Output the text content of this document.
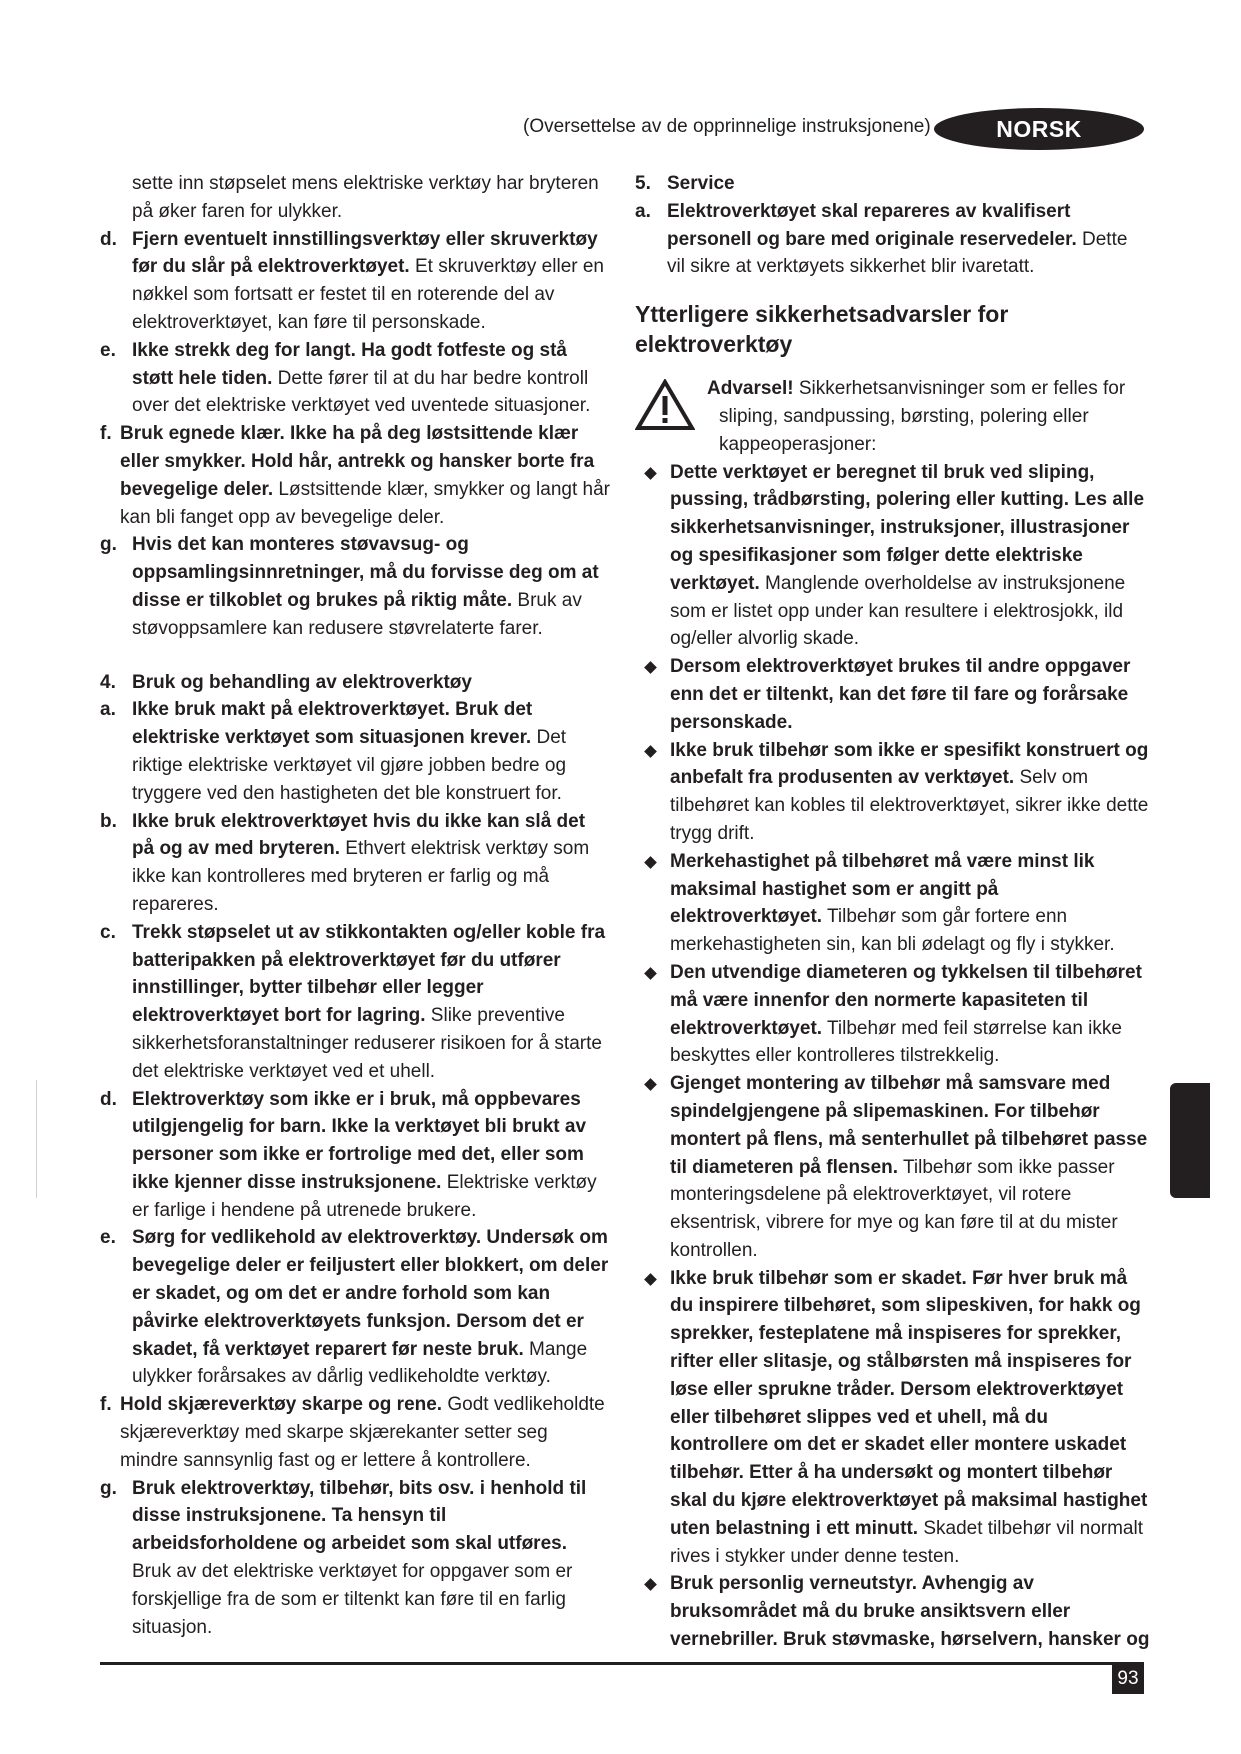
(Oversettelse av de opprinnelige instruksjonene)	NORSK
sette inn støpselet mens elektriske verktøy har bryteren på øker faren for ulykker.
d. Fjern eventuelt innstillingsverktøy eller skruverktøy før du slår på elektroverktøyet. Et skruverktøy eller en nøkkel som fortsatt er festet til en roterende del av elektroverktøyet, kan føre til personskade.
e. Ikke strekk deg for langt. Ha godt fotfeste og stå støtt hele tiden. Dette fører til at du har bedre kontroll over det elektriske verktøyet ved uventede situasjoner.
f. Bruk egnede klær. Ikke ha på deg løstsittende klær eller smykker. Hold hår, antrekk og hansker borte fra bevegelige deler. Løstsittende klær, smykker og langt hår kan bli fanget opp av bevegelige deler.
g. Hvis det kan monteres støvavsug- og oppsamlingsinnretninger, må du forvisse deg om at disse er tilkoblet og brukes på riktig måte. Bruk av støvoppsamlere kan redusere støvrelaterte farer.
4. Bruk og behandling av elektroverktøy
a. Ikke bruk makt på elektroverktøyet. Bruk det elektriske verktøyet som situasjonen krever. Det riktige elektriske verktøyet vil gjøre jobben bedre og tryggere ved den hastigheten det ble konstruert for.
b. Ikke bruk elektroverktøyet hvis du ikke kan slå det på og av med bryteren. Ethvert elektrisk verktøy som ikke kan kontrolleres med bryteren er farlig og må repareres.
c. Trekk støpselet ut av stikkontakten og/eller koble fra batteripakken på elektroverktøyet før du utfører innstillinger, bytter tilbehør eller legger elektroverktøyet bort for lagring. Slike preventive sikkerhetsforanstaltninger reduserer risikoen for å starte det elektriske verktøyet ved et uhell.
d. Elektroverktøy som ikke er i bruk, må oppbevares utilgjengelig for barn. Ikke la verktøyet bli brukt av personer som ikke er fortrolige med det, eller som ikke kjenner disse instruksjonene. Elektriske verktøy er farlige i hendene på utrenede brukere.
e. Sørg for vedlikehold av elektroverktøy. Undersøk om bevegelige deler er feiljustert eller blokkert, om deler er skadet, og om det er andre forhold som kan påvirke elektroverktøyets funksjon. Dersom det er skadet, få verktøyet reparert før neste bruk. Mange ulykker forårsakes av dårlig vedlikeholdte verktøy.
f. Hold skjæreverktøy skarpe og rene. Godt vedlikeholdte skjæreverktøy med skarpe skjærekanter setter seg mindre sannsynlig fast og er lettere å kontrollere.
g. Bruk elektroverktøy, tilbehør, bits osv. i henhold til disse instruksjonene. Ta hensyn til arbeidsforholdene og arbeidet som skal utføres. Bruk av det elektriske verktøyet for oppgaver som er forskjellige fra de som er tiltenkt kan føre til en farlig situasjon.
5. Service
a. Elektroverktøyet skal repareres av kvalifisert personell og bare med originale reservedeler. Dette vil sikre at verktøyets sikkerhet blir ivaretatt.
Ytterligere sikkerhetsadvarsler for elektroverktøy
Advarsel! Sikkerhetsanvisninger som er felles for
sliping, sandpussing, børsting, polering eller kappeoperasjoner:
Dette verktøyet er beregnet til bruk ved sliping, pussing, trådbørsting, polering eller kutting. Les alle sikkerhetsanvisninger, instruksjoner, illustrasjoner og spesifikasjoner som følger dette elektriske verktøyet. Manglende overholdelse av instruksjonene som er listet opp under kan resultere i elektrosjokk, ild og/eller alvorlig skade.
Dersom elektroverktøyet brukes til andre oppgaver enn det er tiltenkt, kan det føre til fare og forårsake personskade.
Ikke bruk tilbehør som ikke er spesifikt konstruert og anbefalt fra produsenten av verktøyet. Selv om tilbehøret kan kobles til elektroverktøyet, sikrer ikke dette trygg drift.
Merkehastighet på tilbehøret må være minst lik maksimal hastighet som er angitt på elektroverktøyet. Tilbehør som går fortere enn merkehastigheten sin, kan bli ødelagt og fly i stykker.
Den utvendige diameteren og tykkelsen til tilbehøret må være innenfor den normerte kapasiteten til elektroverktøyet. Tilbehør med feil størrelse kan ikke beskyttes eller kontrolleres tilstrekkelig.
Gjenget montering av tilbehør må samsvare med spindelgjengene på slipemaskinen. For tilbehør montert på flens, må senterhullet på tilbehøret passe til diameteren på flensen. Tilbehør som ikke passer monteringsdelene på elektroverktøyet, vil rotere eksentrisk, vibrere for mye og kan føre til at du mister kontrollen.
Ikke bruk tilbehør som er skadet. Før hver bruk må du inspirere tilbehøret, som slipeskiven, for hakk og sprekker, festeplatene må inspiseres for sprekker, rifter eller slitasje, og stålbørsten må inspiseres for løse eller sprukne tråder. Dersom elektroverktøyet eller tilbehøret slippes ved et uhell, må du kontrollere om det er skadet eller montere uskadet tilbehør. Etter å ha undersøkt og montert tilbehør skal du kjøre elektroverktøyet på maksimal hastighet uten belastning i ett minutt. Skadet tilbehør vil normalt rives i stykker under denne testen.
Bruk personlig verneutstyr. Avhengig av bruksområdet må du bruke ansiktsvern eller vernebriller. Bruk støvmaske, hørselvern, hansker og
93
